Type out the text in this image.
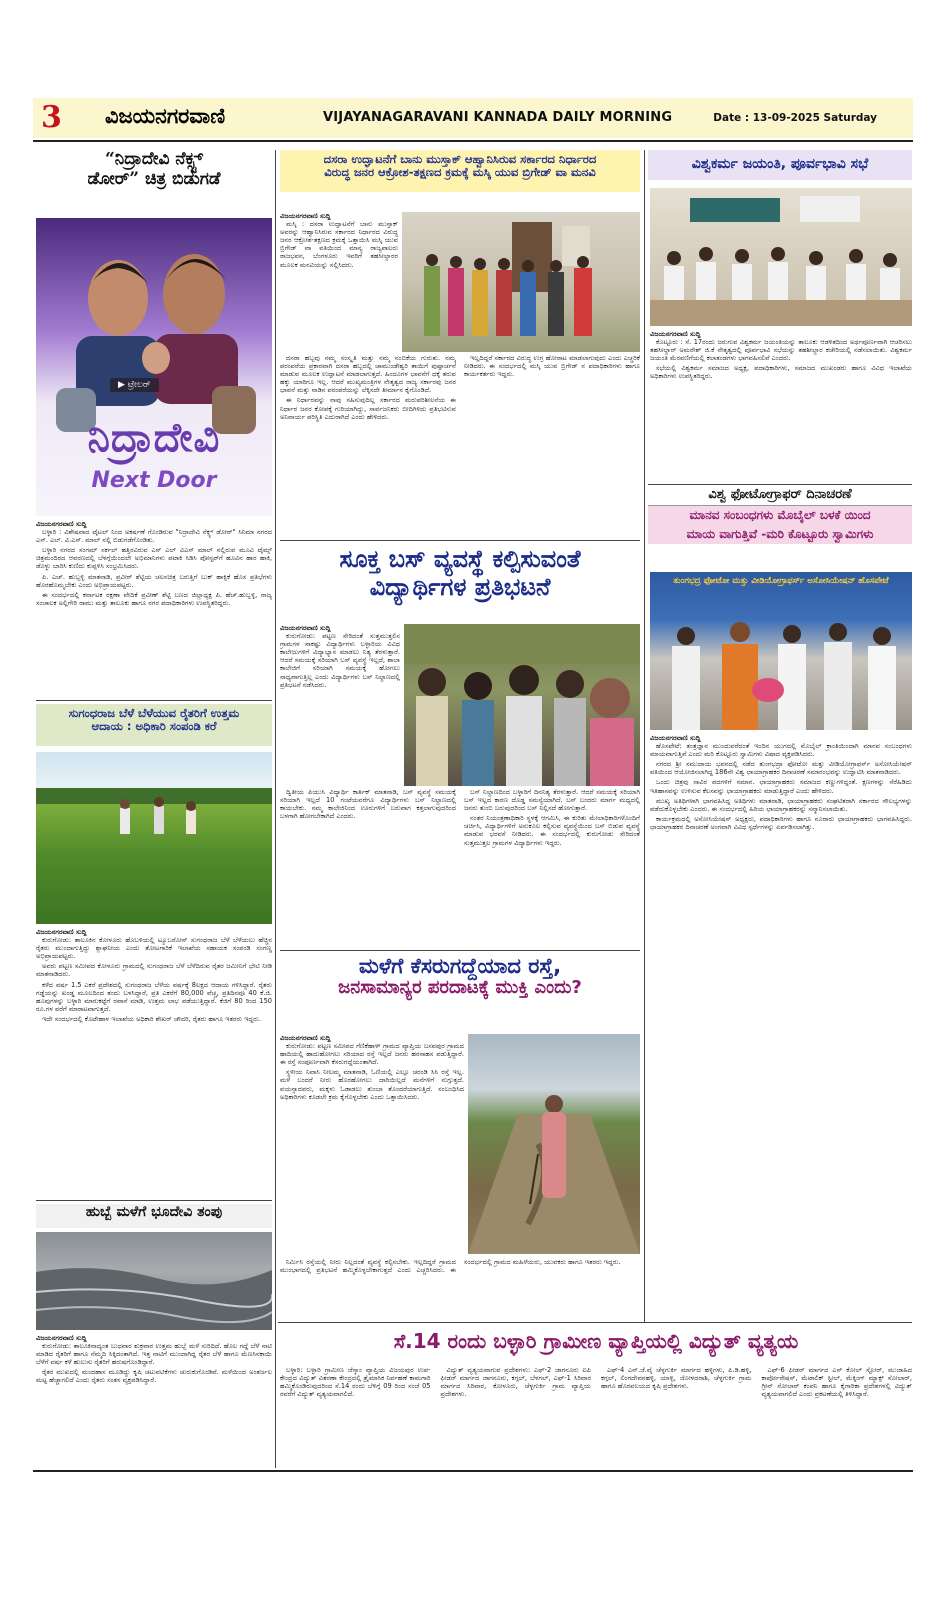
3 ವಿಜಯನಗರವಾಣಿ	VIJAYANAGARAVANI KANNADA DAILY MORNING	Date : 13-09-2025 Saturday
“ನಿದ್ರಾದೇವಿ ನೆಕ್ಸ್ಟ್
ಡೋರ್” ಚಿತ್ರ ಬಿಡುಗಡೆ
▶ ಟ್ರೇಲರ್
ನಿದ್ರಾದೇವಿ
Next Door
ವಿಜಯನಗರವಾಣಿ ಸುದ್ದಿ

ಬಳ್ಳಾರಿ : ವಿಶೇಷವಾದ ಟೈಟಲ್ ನಿಂದ ಅಕರ್ಷಣೆ ಗೊಂಡಿರುವ "ನಿದ್ರಾದೇವಿ ನೆಕ್ಸ್ಟ್ ಡೋರ್" ಸಿನಿಮಾ ನಗರದ ಎಸ್. ಎಲ್. ವಿ.ಎಸ್. ಮಾಲ್ ನಲ್ಲಿ ಬಿಡುಗಡೆಗೊಂಡಿತು.

ಬಳ್ಳಾರಿ ನಗರದ ಸಂಗಮ್ ಸರ್ಕಲ್ ಹತ್ತಿರವಿರುವ ಎಸ್ ಎಲ್ ವಿಎಸ್ ಮಾಲ್ ನಲ್ಲಿರುವ ಮೂವಿ ಟೈಮ್ಸ್ ಚಿತ್ರಮಂದಿರದ ಆವರಣದಲ್ಲಿ ಬೆಳಗ್ಗೆಯಿಂದಲೇ ಅಭಿಮಾನಿಗಳು ಪಟಾಕಿ ಸಿಡಿಸಿ ಪೋಸ್ಟರ್‌ಗೆ ಹೂವಿನ ಹಾರ ಹಾಕಿ, ಡೊಳ್ಳು ಬಾರಿಸಿ ಕುಣಿದು ಕುಪ್ಪಳಿಸಿ ಸಂಭ್ರಮಿಸಿದರು.

ಪಿ. ಎಚ್. ಹುಬ್ಬಳ್ಳಿ ಮಾತನಾಡಿ, ಪ್ರವೀರ್ ಶೆಟ್ಟಿಯ ಚಲನಚಿತ್ರ ಬರುತ್ತಿಗೆ ಬುಕ್ ಹಾಕ್ಸಿಕೆ ಹೊಸ ಪ್ರತಿಭೆಗಳು ಹೊರಹೊಮ್ಮಬೇಕು ಎಂದು ಅಭಿಪ್ರಾಯಪಟ್ಟರು.

ಈ ಸಂದರ್ಭದಲ್ಲಿ ಕರ್ನಾಟಕ ರಕ್ಷಣಾ ವೇದಿಕೆ ಪ್ರವೀಣ್ ಶೆಟ್ಟಿ ಬಣದ ಜಿಲ್ಲಾಧ್ಯಕ್ಷ ಪಿ. ಹೆಚ್.ಹುಬ್ಬಳ್ಳಿ, ರಾಜ್ಯ ಸಂಚಾಲಕ ಅಲ್ಲಿಗೇರಿ ರಾಮು ಮತ್ತು ತಾಲೂಕು ಹಾಗೂ ನಗರ ಪದಾಧಿಕಾರಿಗಳು ಉಪಸ್ಥಿತರಿದ್ದರು.

ಸುಗಂಧರಾಜ ಬೆಳೆ ಬೆಳೆಯುವ ರೈತರಿಗೆ ಉತ್ತಮ
ಆದಾಯ : ಅಧಿಕಾರಿ ಸಂಪಂಡಿ ಕರೆ
ವಿಜಯನಗರವಾಣಿ ಸುದ್ದಿ

ಕುರುಗೋಡು: ತಾಲೂಕಿನ ಕೋಳೂರು ಹೊಬಳಿಯಲ್ಲಿ ಟ್ಯೂಬರೋಸ್ ಸುಗಂಧರಾಜ ಬೆಳೆ ಬೆಳೆಯಲು ಹೆಚ್ಚಿನ ರೈತರು ಮುಂದಾಗುತ್ತಿದ್ದು ಶ್ಲಾಘನೀಯ ಎಂದು ತೋಟಗಾರಿಕೆ ಇಲಾಖೆಯ ಸಹಾಯಕ ಸಂಪಂಡಿ ಸಂಗಣ್ಣ ಅಭಿಪ್ರಾಯಪಟ್ಟರು.

ಅವರು ಪಟ್ಟಣ ಸಮೀಪದ ಕೋಳೂರು ಗ್ರಾಮದಲ್ಲಿ ಸುಗಂಧರಾಜ ಬೆಳೆ ಬೆಳೆದಿರುವ ರೈತರ ಜಮೀನಿಗೆ ಭೇಟಿ ನೀಡಿ ಮಾತನಾಡಿದರು.

ಕಳೆದ ವರ್ಷ 1.5 ಎಕರೆ ಪ್ರದೇಶದಲ್ಲಿ ಸುಗಂಧರಾಜ ಬೆಳೆಯ ವರ್ಷಕ್ಕೆ 8ಲಕ್ಷದ ಆದಾಯ ಗಳಿಸಿದ್ದಾರೆ. ರೈತರು ಗಡ್ಡೆಯನ್ನು ಖಂಡ್ಡ ಮೂಲದಿಂದ ತಂದು ಬಳಸಿದ್ದಾರೆ, ಪ್ರತಿ ಎಕರೆಗೆ 80,000 ವೆಚ್ಚ, ಪ್ರತಿದಿನವೂ 40 ಕೆ.ಜಿ. ಹೂವುಗಳನ್ನು ಬಳ್ಳಾರಿ ಮಾರುಕಟ್ಟೆಗೆ ರವಾನೆ ಮಾಡಿ, ಉತ್ತಮ ಲಾಭ ಪಡೆಯುತ್ತಿದ್ದಾರೆ. ಕೆಜಿಗೆ 80 ರಿಂದ 150 ರೂ.ಗಳ ವರೆಗೆ ಮಾರಾಟವಾಗುತ್ತದೆ.

ಇದೇ ಸಂದರ್ಭದಲ್ಲಿ ಕೊಟೇಹಾಳ ಇಲಾಖೆಯ ಅಧಿಕಾರಿ ಶೇಖರ್ ಚೌದರಿ, ರೈತರು ಹಾಗೂ ಇತರರು ಇದ್ದರು.

ಹುಬ್ಬೆ ಮಳೆಗೆ ಭೂದೇವಿ ತಂಪು
ವಿಜಯನಗರವಾಣಿ ಸುದ್ದಿ

ಕುರುಗೋಡು: ತಾಲೂಕಿನಾದ್ಯಂತ ಬುಧವಾರ ಶುಕ್ರವಾರ ಉತ್ತಮ ಹುಬ್ಬೆ ಮಳೆ ಸುರಿದಿದೆ. ಹೊಲ ಗದ್ದೆ ಬೆಳೆ ನಾಟಿ ಮಾಡಿದ ರೈತರಿಗೆ ಹಾಗೂ ನೆಮ್ಮದಿ ಸಿಕ್ಕಿದಂತಾಗಿದೆ. ಇತ್ತ ನಾಟಿಗೆ ಮುಂದಾಗಿದ್ದ ರೈತರ ಬೆಳೆ ಹಾಗೂ ಮೆಣಸಿನಕಾಯಿ ಬೆಳೆಗೆ ವರ್ಷ ಕಳೆ ಹುಲುಸು ರೈತರಿಗೆ ಹರುಷಗೊಂಡಿದ್ದಾರೆ.

ರೈತರ ಮುಖದಲ್ಲಿ ಮಂದಹಾಸ ಮೂಡಿದ್ದು ಕೃಷಿ ಚಟುವಟಿಕೆಗಳು ಚುರುಕುಗೊಂಡಿವೆ. ಮಳೆಯಿಂದ ಅಂತರ್ಜಲ ಮಟ್ಟ ಹೆಚ್ಚಾಗಲಿದೆ ಎಂದು ರೈತರು ಸಂತಸ ವ್ಯಕ್ತಪಡಿಸಿದ್ದಾರೆ.

ದಸರಾ ಉದ್ಘಾಟನೆಗೆ ಬಾನು ಮುಸ್ತಾಕ್ ಆಹ್ವಾನಿಸಿರುವ ಸರ್ಕಾರದ ನಿರ್ಧಾರದ
ವಿರುದ್ಧ ಜನರ ಆಕ್ರೋಶ-ತಕ್ಷಣದ ಕ್ರಮಕ್ಕೆ ಮಸ್ಕಿ ಯುವ ಬ್ರಿಗೇಡ್ ವಾ ಮನವಿ
ವಿಜಯನಗರವಾಣಿ ಸುದ್ದಿ

ಮಸ್ಕಿ : ದಸರಾ ಉದ್ಘಾಟನೆಗೆ ಬಾನು ಮುಸ್ತಾಕ್ ಅವರನ್ನು ಆಹ್ವಾನಿಸಿರುವ ಸರ್ಕಾರದ ನಿರ್ಧಾರದ ವಿರುದ್ಧ ಜನರ ಆಕ್ರೋಶ-ತಕ್ಷಣದ ಕ್ರಮಕ್ಕೆ ಒತ್ತಾಯಿಸಿ ಮಸ್ಕಿ ಯುವ ಬ್ರಿಗೇಡ್ ವಾ ವತಿಯಿಂದ ಮಾನ್ಯ ರಾಜ್ಯಪಾಲರು ರಾಜಭವನ, ಬೆಂಗಳೂರು ಇವರಿಗೆ ತಹಸೀಲ್ದಾರರ ಮೂಲಕ ಮನವಿಯನ್ನು ಸಲ್ಲಿಸಿದರು.

ದಸರಾ ಹಬ್ಬವು ನಮ್ಮ ಸಂಸ್ಕೃತಿ ಮತ್ತು ನಮ್ಮ ನಂಬಿಕೆಯ ಗುರುತು. ನಮ್ಮ ಪರಂಪರೆಯ ಪ್ರಕಾರವಾಗಿ ದಸರಾ ಹಬ್ಬದಲ್ಲಿ ಚಾಮುಂಡೇಶ್ವರಿ ತಾಯಿಗೆ ಪುಷ್ಪಾರ್ಚನೆ ಮಾಡುವ ಮೂಲಕ ಉದ್ಘಾಟನೆ ಮಾಡಲಾಗುತ್ತದೆ. ಹಿಂದೂಗಳ ಭಾವನೆಗೆ ಧಕ್ಕೆ ತರುವ ಹಕ್ಕು ಯಾರಿಗೂ ಇಲ್ಲ. ಆದರೆ ಮುಖ್ಯಮಂತ್ರಿಗಳ ನೇತೃತ್ವದ ರಾಜ್ಯ ಸರ್ಕಾರವು ಜನರ ಭಾವನೆ ಮತ್ತು ನಾಡಿನ ಪರಂಪರೆಯನ್ನು ಲೆಕ್ಕಿಸದೇ ತೀರ್ಮಾನ ಕೈಗೊಂಡಿದೆ.

ಈ ನಿರ್ಧಾರವನ್ನು ನಾವು ಸಹಿಸುವುದಿಲ್ಲ ಸರ್ಕಾರದ ಮರುಪರಿಶೀಲನೆಯ ಈ ನಿರ್ಧಾರ ಜನರ ಕೋಪಕ್ಕೆ ಗುರಿಯಾಗಿದ್ದು, ಸಾರ್ವಜನಿಕರು ಬೀದಿಗಿಳಿದು ಪ್ರತಿಭಟಿಸುವ ಅನಿವಾರ್ಯ ಪರಿಸ್ಥಿತಿ ಎದುರಾಗಿದೆ ಎಂದು ಹೇಳಿದರು.

ಇಲ್ಲದಿದ್ದರೆ ಸರ್ಕಾರದ ವಿರುದ್ಧ ಉಗ್ರ ಹೋರಾಟ ಮಾಡಲಾಗುವುದು ಎಂದು ಎಚ್ಚರಿಕೆ ನೀಡಿದರು. ಈ ಸಂದರ್ಭದಲ್ಲಿ ಮಸ್ಕಿ ಯುವ ಬ್ರಿಗೇಡ್ ನ ಪದಾಧಿಕಾರಿಗಳು ಹಾಗೂ ಕಾರ್ಯಕರ್ತರು ಇದ್ದರು.

ಸೂಕ್ತ ಬಸ್ ವ್ಯವಸ್ಥೆ ಕಲ್ಪಿಸುವಂತೆ
ವಿದ್ಯಾರ್ಥಿಗಳ ಪ್ರತಿಭಟನೆ
ವಿಜಯನಗರವಾಣಿ ಸುದ್ದಿ

ಕುರುಗೋಡು: ಪಟ್ಟಣ ಸೇರಿದಂತೆ ಸುತ್ತಮುತ್ತಲಿನ ಗ್ರಾಮಗಳ ಸಾಕಷ್ಟು ವಿದ್ಯಾರ್ಥಿಗಳು ಬಳ್ಳಾರಿಯ ವಿವಿಧ ಕಾಲೇಜುಗಳಿಗೆ ವಿದ್ಯಾಭ್ಯಾಸ ಮಾಡಲು ನಿತ್ಯ ತೆರಳುತ್ತಾರೆ. ಆದರೆ ಸಮಯಕ್ಕೆ ಸರಿಯಾಗಿ ಬಸ್ ವ್ಯವಸ್ಥೆ ಇಲ್ಲದೆ, ಶಾಲಾ ಕಾಲೇಜಿಗೆ ಸರಿಯಾಗಿ ಸಮಯಕ್ಕೆ ಹೋಗಲು ಸಾಧ್ಯವಾಗುತ್ತಿಲ್ಲ ಎಂದು ವಿದ್ಯಾರ್ಥಿಗಳು ಬಸ್ ನಿಲ್ದಾಣದಲ್ಲಿ ಪ್ರತಿಭಟನೆ ನಡೆಸಿದರು.

ದ್ವಿತೀಯ ಪಿಯುಸಿ ವಿದ್ಯಾರ್ಥಿ ಕಾರ್ತಿಕ್ ಮಾತನಾಡಿ, ಬಸ್ ವ್ಯವಸ್ಥೆ ಸಮಯಕ್ಕೆ ಸರಿಯಾಗಿ ಇಲ್ಲದೆ 10 ಗಂಟೆಯವರೆಗೂ ವಿದ್ಯಾರ್ಥಿಗಳು ಬಸ್ ನಿಲ್ದಾಣದಲ್ಲಿ ಕಾಯಬೇಕು. ನಮ್ಮ ಕಾಲೇಜಿನಿಂದ ಊರುಗಳಿಗೆ ಬರುವಾಗ ಕತ್ತಲಾಗುವುದರಿಂದ ಬಳಗಾಗಿ ಹೋಗಬೇಕಾಗಿದೆ ಎಂದರು.

ಬಸ್ ನಿಲ್ದಾಣದಿಂದ ಬಳ್ಳಾರಿಗೆ ದಿನನಿತ್ಯ ತೆರಳುತ್ತಾರೆ. ಆದರೆ ಸಮಯಕ್ಕೆ ಸರಿಯಾಗಿ ಬಸ್ ಇಲ್ಲದ ಕಾರಣ ದೊಡ್ಡ ಸಮಸ್ಯೆಯಾಗಿದೆ. ಬಸ್ ಬಂದರು ಮಾರ್ಗ ಮಧ್ಯದಲ್ಲಿ ಜನರು ತುಂಬಿ ಬರುವುದರಿಂದ ಬಸ್ ನಿಲ್ಲಿಸದೆ ಹೋಗುತ್ತಾರೆ.

ನಂತರ ನಿಯಂತ್ರಣಾಧಿಕಾರಿ ಸ್ಥಳಕ್ಕೆ ಆಗಮಿಸಿ, ಈ ಕುರಿತು ಮೇಲಾಧಿಕಾರಿಗಳೊಂದಿಗೆ ಚರ್ಚಿಸಿ, ವಿದ್ಯಾರ್ಥಿಗಳಿಗೆ ಅನುಕೂಲ ಕಲ್ಪಿಸುವ ವ್ಯವಸ್ಥೆಯಿಂದ ಬಸ್ ಬಿಡುವ ವ್ಯವಸ್ಥೆ ಮಾಡುವ ಭರವಸೆ ನೀಡಿದರು. ಈ ಸಂದರ್ಭದಲ್ಲಿ ಕುರುಗೋಡು ಸೇರಿದಂತೆ ಸುತ್ತಮುತ್ತಲ ಗ್ರಾಮಗಳ ವಿದ್ಯಾರ್ಥಿಗಳು ಇದ್ದರು.

ಮಳೆಗೆ ಕೆಸರುಗದ್ದೆಯಾದ ರಸ್ತೆ,
ಜನಸಾಮಾನ್ಯರ ಪರದಾಟಕ್ಕೆ ಮುಕ್ತಿ ಎಂದು?
ವಿಜಯನಗರವಾಣಿ ಸುದ್ದಿ

ಕುರುಗೋಡು: ಪಟ್ಟಣ ಸಮೀಪದ ಗೆಣಿಕೆಹಾಳ್ ಗ್ರಾಮದ ವ್ಯಾಪ್ತಿಯ ಬಸವಪುರ ಗ್ರಾಮದ ಹಾದಿಯಲ್ಲಿ ಹಾದುಹೋಗಲು ಸರಿಯಾದ ರಸ್ತೆ ಇಲ್ಲದೆ ಜನರು ಹರಸಾಹಸ ಪಡುತ್ತಿದ್ದಾರೆ. ಈ ರಸ್ತೆ ಸಂಪೂರ್ಣವಾಗಿ ಕೆಸರುಗದ್ದೆಯಂತಾಗಿದೆ.

ಸ್ಥಳೀಯ ನಿವಾಸಿ ನೀಲಮ್ಮ ಮಾತನಾಡಿ, ಓಣಿಯಲ್ಲಿ ಎಲ್ಲೂ ಚರಂಡಿ ಸಿಸಿ ರಸ್ತೆ ಇಲ್ಲ. ಮಳೆ ಬಂದರೆ ನೀರು ಹೊರಹೋಗಲು ದಾರಿಯಿಲ್ಲದೆ ಮನೆಗಳಿಗೆ ನುಗ್ಗುತ್ತದೆ. ವಯಸ್ಸಾದವರು, ಮಕ್ಕಳು ಓಡಾಡಲು ತುಂಬಾ ತೊಂದರೆಯಾಗುತ್ತಿದೆ. ಸಂಬಂಧಿಸಿದ ಅಧಿಕಾರಿಗಳು ಕೂಡಲೇ ಕ್ರಮ ಕೈಗೊಳ್ಳಬೇಕು ಎಂದು ಒತ್ತಾಯಿಸಿದರು.

ನಿರ್ಮಿಸಿ ರಸ್ತೆಯಲ್ಲಿ ನೀರು ನಿಲ್ಲದಂತೆ ವ್ಯವಸ್ಥೆ ಕಲ್ಪಿಸಬೇಕು. ಇಲ್ಲದಿದ್ದರೆ ಗ್ರಾಮದ ಮುಂಭಾಗದಲ್ಲಿ ಪ್ರತಿಭಟನೆ ಹಮ್ಮಿಕೊಳ್ಳಬೇಕಾಗುತ್ತದೆ ಎಂದು ಎಚ್ಚರಿಸಿದರು. ಈ ಸಂದರ್ಭದಲ್ಲಿ ಗ್ರಾಮದ ಮಹಿಳೆಯರು, ಯುವಕರು ಹಾಗೂ ಇತರರು ಇದ್ದರು.

ವಿಶ್ವಕರ್ಮ ಜಯಂತಿ, ಪೂರ್ವಭಾವಿ ಸಭೆ
ವಿಜಯನಗರವಾಣಿ ಸುದ್ದಿ

ಕೊಟ್ಟೂರು : ಸೆ. 17ರಂದು ಜರುಗುವ ವಿಶ್ವಕರ್ಮ ಜಯಂತಿಯನ್ನು ತಾಲೂಕು ಆಡಳಿತದಿಂದ ಅರ್ಥಪೂರ್ಣವಾಗಿ ಆಚರಿಸಲು ತಹಸೀಲ್ದಾರ್ ಅಮರೇಶ್ ಜಿ.ಕೆ ನೇತೃತ್ವದಲ್ಲಿ ಪೂರ್ವಭಾವಿ ಸಭೆಯನ್ನು ತಹಶೀಲ್ದಾರ ಕಚೇರಿಯಲ್ಲಿ ನಡೆಸಲಾಯಿತು. ವಿಶ್ವಕರ್ಮ ಜಯಂತಿ ಮೆರವಣಿಗೆಯಲ್ಲಿ ಕಲಾತಂಡಗಳು ಭಾಗವಹಿಸಲಿವೆ ಎಂದರು.

ಸಭೆಯಲ್ಲಿ ವಿಶ್ವಕರ್ಮ ಸಮಾಜದ ಅಧ್ಯಕ್ಷ, ಪದಾಧಿಕಾರಿಗಳು, ಸಮಾಜದ ಮುಖಂಡರು ಹಾಗೂ ವಿವಿಧ ಇಲಾಖೆಯ ಅಧಿಕಾರಿಗಳು ಉಪಸ್ಥಿತರಿದ್ದರು.

ವಿಶ್ವ ಫೋಟೋಗ್ರಾಫರ್ ದಿನಾಚರಣೆ
ಮಾನವ ಸಂಬಂಧಗಳು ಮೊಬೈಲ್ ಬಳಕೆ ಯಿಂದ
ಮಾಯ ವಾಗುತ್ತಿವೆ -ಮರಿ ಕೊಟ್ಟೂರು ಸ್ವಾಮಿಗಳು
ತುಂಗಭದ್ರ ಫೋಟೋ ಮತ್ತು ವೀಡಿಯೋಗ್ರಾಫರ್ಸ್ ಅಸೋಸಿಯೇಷನ್ ಹೊಸಪೇಟೆ
ವಿಜಯನಗರವಾಣಿ ಸುದ್ದಿ

ಹೊಸಪೇಟೆ: ತಂತ್ರಜ್ಞಾನ ಮುಂದುವರೆದಂತೆ ಇಂದಿನ ಯುಗದಲ್ಲಿ ಮೊಬೈಲ್ ಕ್ರಾಂತಿಯಿಂದಾಗಿ ಮಾನವ ಸಂಬಂಧಗಳು ಮಾಯವಾಗುತ್ತಿವೆ ಎಂದು ಮರಿ ಕೊಟ್ಟೂರು ಸ್ವಾಮಿಗಳು ವಿಷಾದ ವ್ಯಕ್ತಪಡಿಸಿದರು.

ನಗರದ ಶ್ರೀ ಸಮುದಾಯ ಭವನದಲ್ಲಿ ನಡೆದ ತುಂಗಭದ್ರಾ ಫೋಟೋ ಮತ್ತು ವೀಡಿಯೋಗ್ರಾಫರ್ಸ್ ಅಸೋಸಿಯೇಷನ್ ವತಿಯಿಂದ ಆಯೋಜಿಸಲಾಗಿದ್ದ 186ನೇ ವಿಶ್ವ ಛಾಯಾಗ್ರಾಹಕರ ದಿನಾಚರಣೆ ಸಮಾರಂಭವನ್ನು ಉದ್ಘಾಟಿಸಿ ಮಾತನಾಡಿದರು.

ಒಂದು ಚಿತ್ರವು ಸಾವಿರ ಪದಗಳಿಗೆ ಸಮಾನ. ಛಾಯಾಗ್ರಾಹಕರು ಸಮಾಜದ ಕಣ್ಣುಗಳಿದ್ದಂತೆ. ಕ್ಷಣಗಳನ್ನು ಸೆರೆಹಿಡಿದು ಇತಿಹಾಸವನ್ನು ಉಳಿಸುವ ಕೆಲಸವನ್ನು ಛಾಯಾಗ್ರಾಹಕರು ಮಾಡುತ್ತಿದ್ದಾರೆ ಎಂದು ಹೇಳಿದರು.

ಮುಖ್ಯ ಅತಿಥಿಗಳಾಗಿ ಭಾಗವಹಿಸಿದ್ದ ಅತಿಥಿಗಳು ಮಾತನಾಡಿ, ಛಾಯಾಗ್ರಾಹಕರು ಸಂಘಟಿತರಾಗಿ ಸರ್ಕಾರದ ಸೌಲಭ್ಯಗಳನ್ನು ಪಡೆದುಕೊಳ್ಳಬೇಕು ಎಂದರು. ಈ ಸಂದರ್ಭದಲ್ಲಿ ಹಿರಿಯ ಛಾಯಾಗ್ರಾಹಕರನ್ನು ಸನ್ಮಾನಿಸಲಾಯಿತು.

ಕಾರ್ಯಕ್ರಮದಲ್ಲಿ ಅಸೋಸಿಯೇಷನ್ ಅಧ್ಯಕ್ಷರು, ಪದಾಧಿಕಾರಿಗಳು ಹಾಗೂ ನೂರಾರು ಛಾಯಾಗ್ರಾಹಕರು ಭಾಗವಹಿಸಿದ್ದರು. ಛಾಯಾಗ್ರಾಹಕರ ದಿನಾಚರಣೆ ಅಂಗವಾಗಿ ವಿವಿಧ ಸ್ಪರ್ಧೆಗಳನ್ನು ಏರ್ಪಡಿಸಲಾಗಿತ್ತು.

ಸೆ.14 ರಂದು ಬಳ್ಳಾರಿ ಗ್ರಾಮೀಣ ವ್ಯಾಪ್ತಿಯಲ್ಲಿ ವಿದ್ಯುತ್ ವ್ಯತ್ಯಯ

ಬಳ್ಳಾರಿ: ಬಳ್ಳಾರಿ ಗ್ರಾಮೀಣ ಜೆಸ್ಕಾಂ ವ್ಯಾಪ್ತಿಯ ವಿಜಯಪುರ ಉಪ-ಕೇಂದ್ರದ ವಿದ್ಯುತ್ ವಿತರಣಾ ಕೇಂದ್ರದಲ್ಲಿ ತ್ರೈಮಾಸಿಕ ನಿರ್ವಹಣೆ ಕಾಮಗಾರಿ ಹಮ್ಮಿಕೊಂಡಿರುವುದರಿಂದ ಸೆ.14 ರಂದು ಬೆಳಿಗ್ಗೆ 09 ರಿಂದ ಸಂಜೆ 05 ರವರೆಗೆ ವಿದ್ಯುತ್ ವ್ಯತ್ಯಯವಾಗಲಿದೆ.

ವಿದ್ಯುತ್ ವ್ಯತ್ಯಯವಾಗುವ ಪ್ರದೇಶಗಳು: ಎಫ್-2 ಜಾಗನೂರು ಐಪಿ ಫೀಡರ್ ಮಾರ್ಗದ ಜಾಗನೂರು, ಕಗ್ಗಲ್, ಬೆಳಗಲ್, ಎಫ್-1 ಸಿರಿವಾರ ಮಾರ್ಗದ ಸಿರಿವಾರ, ಕೋಳೂರು, ಚೆಳ್ಳಗುರ್ಕಿ ಗ್ರಾಮ ವ್ಯಾಪ್ತಿಯ ಪ್ರದೇಶಗಳು.

ಎಫ್-4 ಎನ್.ಜೆ.ವೈ ಚೆಳ್ಳಗುರ್ಕಿ ಮಾರ್ಗದ ಹಳ್ಳಿಗಳು, ಪಿ.ಡಿ.ಹಳ್ಳಿ, ಕಗ್ಗಲ್, ಲಿಂಗದೇವನಹಳ್ಳಿ, ಯಾಳ್ಪಿ, ಜೋಳದರಾಶಿ, ಚೆಳ್ಳಗುರ್ಕಿ ಗ್ರಾಮ ಹಾಗೂ ಹೊರವಲಯದ ಕೃಷಿ ಪ್ರದೇಶಗಳು.

ಎಫ್-6 ಫೀಡರ್ ಮಾರ್ಗದ ಎಸ್ ಕೋಲ್ ಸ್ಟೋರ್, ಮುಜಾಹಿದ ಕಾರ್ಪೋರೇಷನ್, ಮೆಟಾಲಿಕ್ ಸ್ಟೀಲ್, ಮೆಕ್ಕಿಂಗ್ ಮ್ಯಾಕ್ಸ್ ಸೋಲಾರ್, ಗ್ರೀನ್ ಸೋಲಾರ್ ಕಂಪನಿ ಹಾಗೂ ಕೈಗಾರಿಕಾ ಪ್ರದೇಶಗಳಲ್ಲಿ ವಿದ್ಯುತ್ ವ್ಯತ್ಯಯವಾಗಲಿದೆ ಎಂದು ಪ್ರಕಟಣೆಯಲ್ಲಿ ತಿಳಿಸಿದ್ದಾರೆ.
